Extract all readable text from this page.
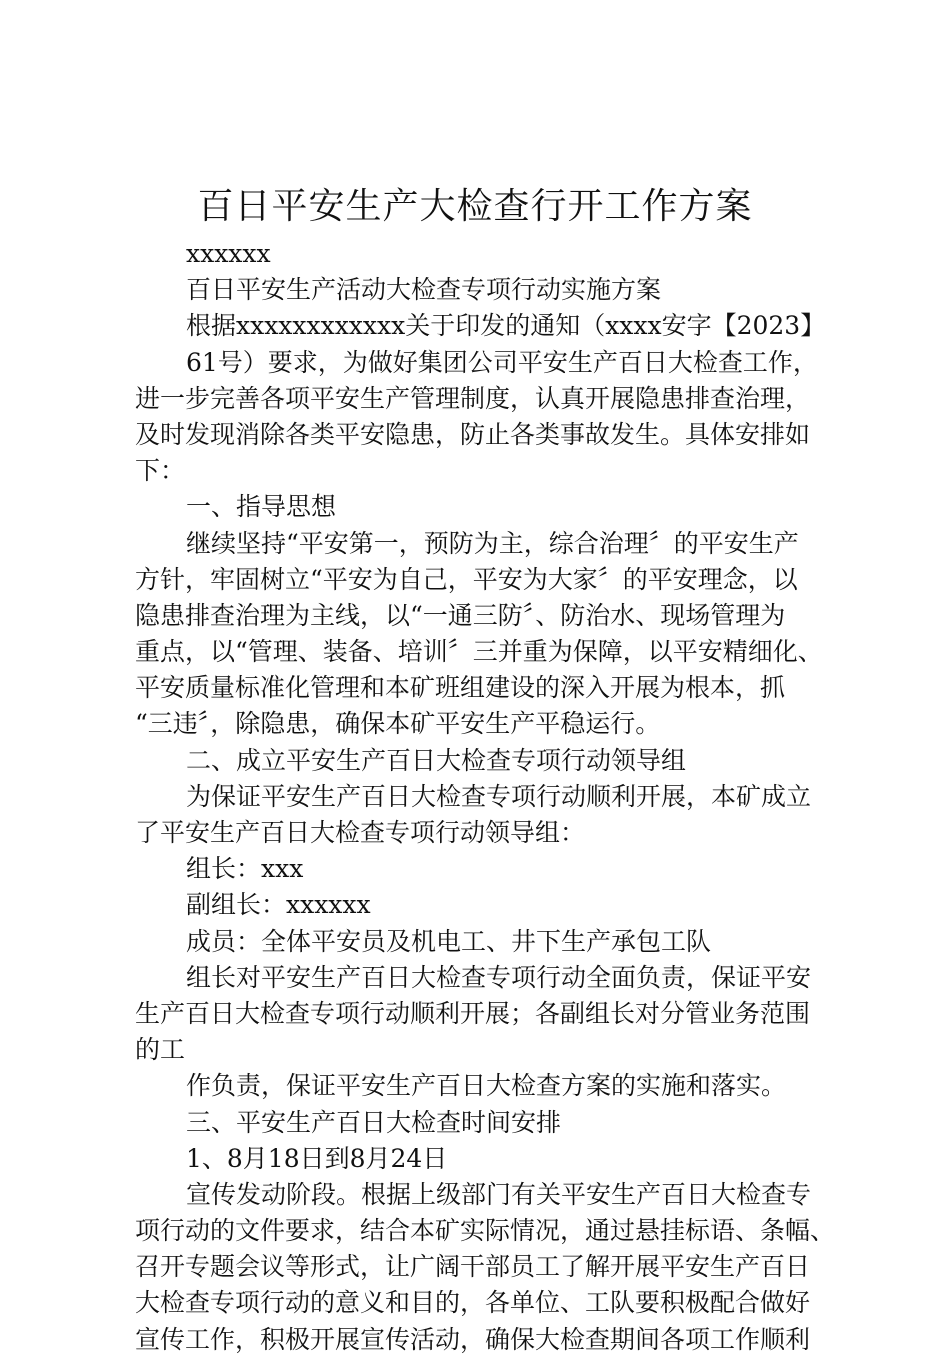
百日平安生产大检查行开工作方案
xxxxxx
百日平安生产活动大检查专项行动实施方案
根据xxxxxxxxxxxx关于印发的通知（xxxx安字【2023】
61号）要求，为做好集团公司平安生产百日大检查工作，
进一步完善各项平安生产管理制度，认真开展隐患排查治理，
及时发现消除各类平安隐患，防止各类事故发生。具体安排如
下：
一、指导思想
继续坚持“平安第一，预防为主，综合治理〞的平安生产
方针，牢固树立“平安为自己，平安为大家〞的平安理念，以
隐患排查治理为主线，以“一通三防〞、防治水、现场管理为
重点，以“管理、装备、培训〞三并重为保障，以平安精细化、
平安质量标准化管理和本矿班组建设的深入开展为根本，抓
“三违〞，除隐患，确保本矿平安生产平稳运行。
二、成立平安生产百日大检查专项行动领导组
为保证平安生产百日大检查专项行动顺利开展，本矿成立
了平安生产百日大检查专项行动领导组：
组长：xxx
副组长：xxxxxx
成员：全体平安员及机电工、井下生产承包工队
组长对平安生产百日大检查专项行动全面负责，保证平安
生产百日大检查专项行动顺利开展；各副组长对分管业务范围
的工
作负责，保证平安生产百日大检查方案的实施和落实。
三、平安生产百日大检查时间安排
1、8月18日到8月24日
宣传发动阶段。根据上级部门有关平安生产百日大检查专
项行动的文件要求，结合本矿实际情况，通过悬挂标语、条幅、
召开专题会议等形式，让广阔干部员工了解开展平安生产百日
大检查专项行动的意义和目的，各单位、工队要积极配合做好
宣传工作，积极开展宣传活动，确保大检查期间各项工作顺利
